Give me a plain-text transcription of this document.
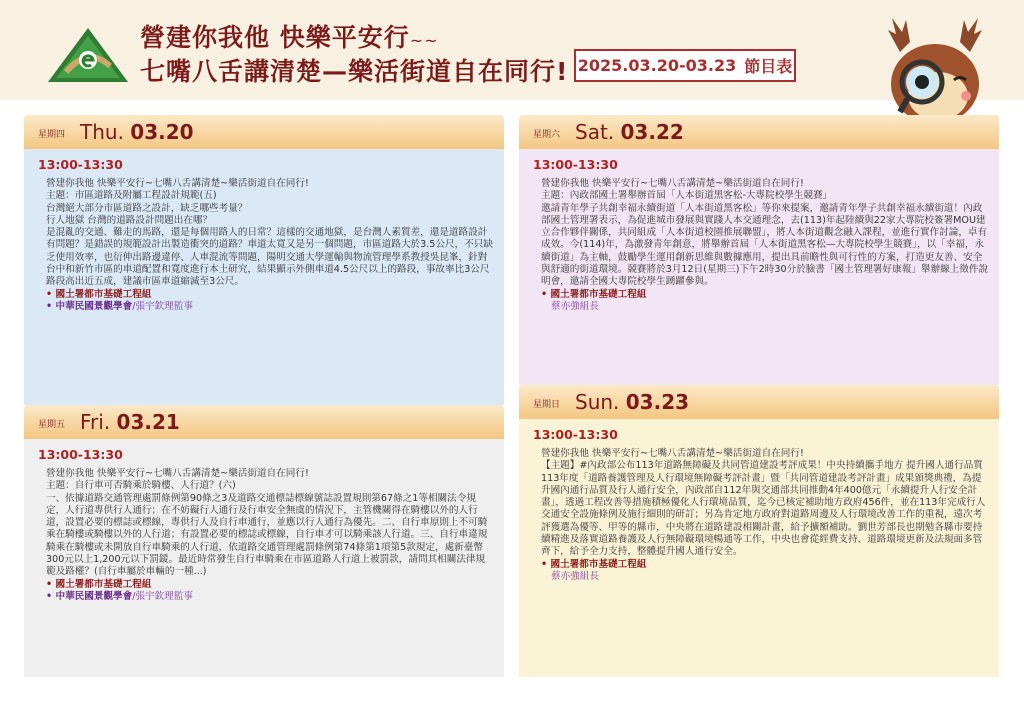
營建你我他 快樂平安行~~
七嘴八舌講清楚—樂活街道自在同行! 2025.03.20-03.23 節目表
星期四 Thu. 03.20
13:00-13:30

營建你我他 快樂平安行~七嘴八舌講清楚~樂活街道自在同行!

主題：市區道路及附屬工程設計規範(五)

台灣絕大部分市區道路之設計，缺乏哪些考量？

行人地獄 台灣的道路設計問題出在哪？

是混亂的交通、難走的馬路，還是每個用路人的日常？這樣的交通地獄，是台灣人素質差，還是道路設計有問題？是錯誤的規範設計出製造衝突的道路？車道太寬又是另一個問題，市區道路大於3.5公尺，不只缺乏使用效率，也衍伸出路邊違停、人車混流等問題，陽明交通大學運輸與物流管理學系教授吳昆峯，針對台中和新竹市區的車道配置和寬度進行本土研究，結果顯示外側車道4.5公尺以上的路段，事故率比3公尺路段高出近五成，建議市區車道縮減至3公尺。

• 國土署都市基礎工程組
• 中華民國景觀學會/張宇欽理監事
星期五 Fri. 03.21
13:00-13:30

營建你我他 快樂平安行~七嘴八舌講清楚~樂活街道自在同行!

主題：自行車可否騎乘於騎樓、人行道？(六)

一、依據道路交通管理處罰條例第90條之3及道路交通標誌標線號誌設置規則第67條之1等相關法令規定，人行道專供行人通行；在不妨礙行人通行及行車安全無虞的情況下，主管機關得在騎樓以外的人行道，設置必要的標誌或標線，專供行人及自行車通行，並應以行人通行為優先。二、自行車原則上不可騎乘在騎樓或騎樓以外的人行道；有設置必要的標誌或標線，自行車才可以騎乘該人行道。三、自行車違規騎乘在騎樓或未開放自行車騎乘的人行道，依道路交通管理處罰條例第74條第1項第5款規定，處新臺幣300元以上1,200元以下罰鍰。最近時常發生自行車騎乘在市區道路人行道上被罰款，請問其相關法律規範及路權？(自行車屬於車輛的一種...)

• 國土署都市基礎工程組
• 中華民國景觀學會/張宇欽理監事
星期六 Sat. 03.22
13:00-13:30

營建你我他 快樂平安行~七嘴八舌講清楚~樂活街道自在同行!

主題：內政部國土署舉辦首屆「人本街道黑客松-大專院校學生競賽」

邀請青年學子共創幸福永續街道「人本街道黑客松」等你來提案，邀請青年學子共創幸福永續街道！內政部國土管理署表示，為促進城市發展與實踐人本交通理念，去(113)年起陸續與22家大專院校簽署MOU建立合作夥伴關係，共同組成「人本街道校園推展聯盟」，將人本街道觀念融入課程，並進行實作討論，卓有成效。今(114)年，為激發青年創意，將舉辦首屆「人本街道黑客松—大專院校學生競賽」，以「幸福，永續街道」為主軸，鼓勵學生運用創新思維與數據應用，提出具前瞻性與可行性的方案，打造更友善、安全與舒適的街道環境。競賽將於3月12日(星期三)下午2時30分於臉書「國土管理署好康報」舉辦線上徵件說明會，邀請全國大專院校學生踴躍參與。

• 國土署都市基礎工程組
蔡亦強組長
星期日 Sun. 03.23
13:00-13:30

營建你我他 快樂平安行~七嘴八舌講清楚~樂活街道自在同行!

【主題】#內政部公布113年道路無障礙及共同管道建設考評成果！中央持續攜手地方 提升國人通行品質

113年度「道路養護管理及人行環境無障礙考評計畫」暨「共同管道建設考評計畫」成果頒獎典禮，為提升國內通行品質及行人通行安全，內政部自112年與交通部共同推動4年400億元「永續提升人行安全計畫」，透過工程改善等措施積極優化人行環境品質，迄今已核定補助地方政府456件，並在113年完成行人交通安全設施條例及施行細則的研訂；另為肯定地方政府對道路周邊及人行環境改善工作的重視，遠次考評獲選為優等、甲等的縣市，中央將在道路建設相關計畫，給予擴額補助。劉世芳部長也期勉各縣市要持續精進及落實道路養護及人行無障礙環境暢通等工作，中央也會從經費支持、道路環境更新及法規面多管齊下，給予全力支持，整體提升國人通行安全。

• 國土署都市基礎工程組
蔡亦強組長
